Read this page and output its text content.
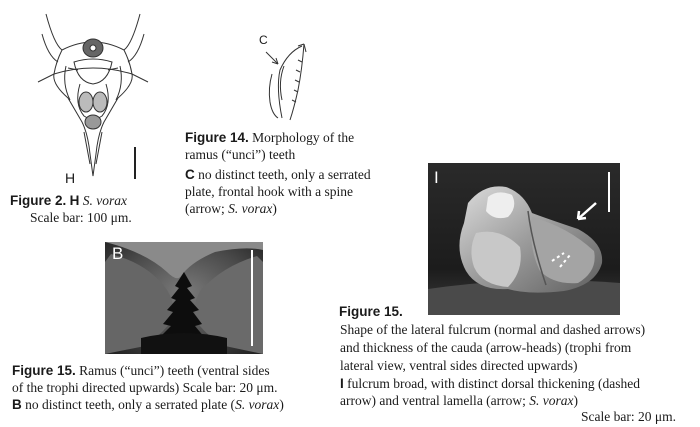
H
Figure 2. H S. vorax
Scale bar: 100 μm.
C
Figure 14. Morphology of the
ramus (“unci”) teeth
C no distinct teeth, only a serrated
plate, frontal hook with a spine
(arrow; S. vorax)
B
Figure 15. Ramus (“unci”) teeth (ventral sides
of the trophi directed upwards) Scale bar: 20 μm.
B no distinct teeth, only a serrated plate (S. vorax)
I
Figure 15.
Shape of the lateral fulcrum (normal and dashed arrows)
and thickness of the cauda (arrow-heads) (trophi from
lateral view, ventral sides directed upwards)
I fulcrum broad, with distinct dorsal thickening (dashed
arrow) and ventral lamella (arrow; S. vorax)
Scale bar: 20 μm.
